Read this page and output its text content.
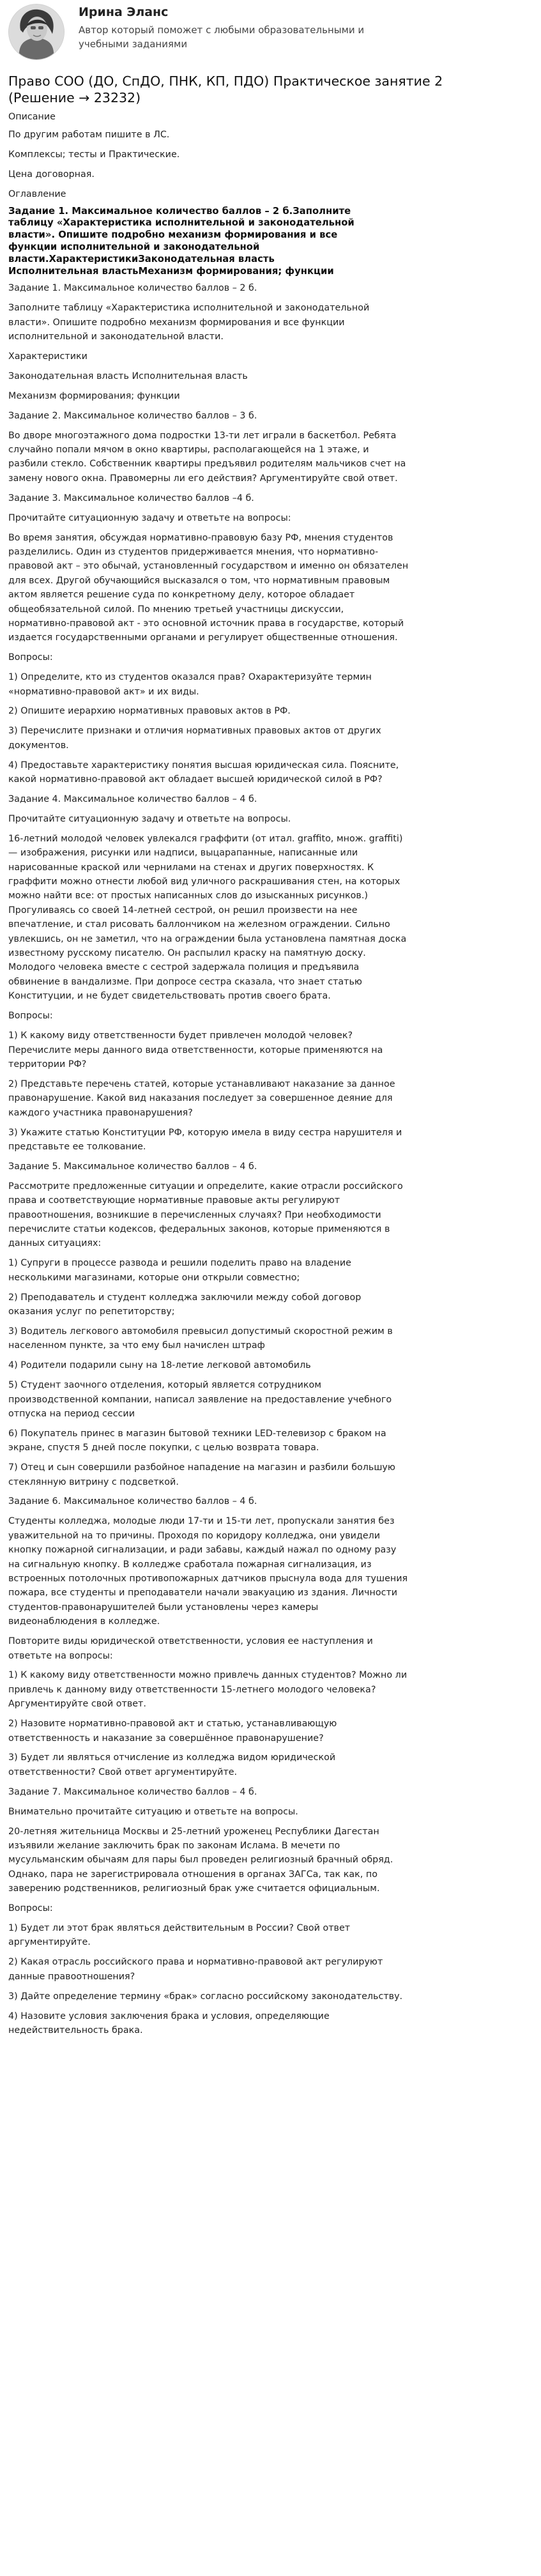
Ирина Эланс
Автор который поможет с любыми образовательными и
учебными заданиями
Право СОО (ДО, СпДО, ПНК, КП, ПДО) Практическое занятие 2
(Решение → 23232)

Описание

По другим работам пишите в ЛС.

Комплексы; тесты и Практические.

Цена договорная.

Оглавление

Задание 1. Максимальное количество баллов – 2 б.Заполните
таблицу «Характеристика исполнительной и законодательной
власти». Опишите подробно механизм формирования и все
функции исполнительной и законодательной
власти.ХарактеристикиЗаконодательная власть
Исполнительная властьМеханизм формирования; функции

Задание 1. Максимальное количество баллов – 2 б.

Заполните таблицу «Характеристика исполнительной и законодательной
власти». Опишите подробно механизм формирования и все функции
исполнительной и законодательной власти.

Характеристики

Законодательная власть Исполнительная власть

Механизм формирования; функции

Задание 2. Максимальное количество баллов – 3 б.

Во дворе многоэтажного дома подростки 13-ти лет играли в баскетбол. Ребята
случайно попали мячом в окно квартиры, располагающейся на 1 этаже, и
разбили стекло. Собственник квартиры предъявил родителям мальчиков счет на
замену нового окна. Правомерны ли его действия? Аргументируйте свой ответ.

Задание 3. Максимальное количество баллов –4 б.

Прочитайте ситуационную задачу и ответьте на вопросы:

Во время занятия, обсуждая нормативно-правовую базу РФ, мнения студентов
разделились. Один из студентов придерживается мнения, что нормативно-
правовой акт – это обычай, установленный государством и именно он обязателен
для всех. Другой обучающийся высказался о том, что нормативным правовым
актом является решение суда по конкретному делу, которое обладает
общеобязательной силой. По мнению третьей участницы дискуссии,
нормативно-правовой акт - это основной источник права в государстве, который
издается государственными органами и регулирует общественные отношения.

Вопросы:

1) Определите, кто из студентов оказался прав? Охарактеризуйте термин
«нормативно-правовой акт» и их виды.

2) Опишите иерархию нормативных правовых актов в РФ.

3) Перечислите признаки и отличия нормативных правовых актов от других
документов.

4) Предоставьте характеристику понятия высшая юридическая сила. Поясните,
какой нормативно-правовой акт обладает высшей юридической силой в РФ?

Задание 4. Максимальное количество баллов – 4 б.

Прочитайте ситуационную задачу и ответьте на вопросы.

16-летний молодой человек увлекался граффити (от итал. graffito, множ. graffiti)
— изображения, рисунки или надписи, выцарапанные, написанные или
нарисованные краской или чернилами на стенах и других поверхностях. К
граффити можно отнести любой вид уличного раскрашивания стен, на которых
можно найти все: от простых написанных слов до изысканных рисунков.)
Прогуливаясь со своей 14-летней сестрой, он решил произвести на нее
впечатление, и стал рисовать баллончиком на железном ограждении. Сильно
увлекшись, он не заметил, что на ограждении была установлена памятная доска
известному русскому писателю. Он распылил краску на памятную доску.
Молодого человека вместе с сестрой задержала полиция и предъявила
обвинение в вандализме. При допросе сестра сказала, что знает статью
Конституции, и не будет свидетельствовать против своего брата.

Вопросы:

1) К какому виду ответственности будет привлечен молодой человек?
Перечислите меры данного вида ответственности, которые применяются на
территории РФ?

2) Представьте перечень статей, которые устанавливают наказание за данное
правонарушение. Какой вид наказания последует за совершенное деяние для
каждого участника правонарушения?

3) Укажите статью Конституции РФ, которую имела в виду сестра нарушителя и
представьте ее толкование.

Задание 5. Максимальное количество баллов – 4 б.

Рассмотрите предложенные ситуации и определите, какие отрасли российского
права и соответствующие нормативные правовые акты регулируют
правоотношения, возникшие в перечисленных случаях? При необходимости
перечислите статьи кодексов, федеральных законов, которые применяются в
данных ситуациях:

1) Супруги в процессе развода и решили поделить право на владение
несколькими магазинами, которые они открыли совместно;

2) Преподаватель и студент колледжа заключили между собой договор
оказания услуг по репетиторству;

3) Водитель легкового автомобиля превысил допустимый скоростной режим в
населенном пункте, за что ему был начислен штраф

4) Родители подарили сыну на 18-летие легковой автомобиль

5) Студент заочного отделения, который является сотрудником
производственной компании, написал заявление на предоставление учебного
отпуска на период сессии

6) Покупатель принес в магазин бытовой техники LED-телевизор с браком на
экране, спустя 5 дней после покупки, с целью возврата товара.

7) Отец и сын совершили разбойное нападение на магазин и разбили большую
стеклянную витрину с подсветкой.

Задание 6. Максимальное количество баллов – 4 б.

Студенты колледжа, молодые люди 17-ти и 15-ти лет, пропускали занятия без
уважительной на то причины. Проходя по коридору колледжа, они увидели
кнопку пожарной сигнализации, и ради забавы, каждый нажал по одному разу
на сигнальную кнопку. В колледже сработала пожарная сигнализация, из
встроенных потолочных противопожарных датчиков прыснула вода для тушения
пожара, все студенты и преподаватели начали эвакуацию из здания. Личности
студентов-правонарушителей были установлены через камеры
видеонаблюдения в колледже.

Повторите виды юридической ответственности, условия ее наступления и
ответьте на вопросы:

1) К какому виду ответственности можно привлечь данных студентов? Можно ли
привлечь к данному виду ответственности 15-летнего молодого человека?
Аргументируйте свой ответ.

2) Назовите нормативно-правовой акт и статью, устанавливающую
ответственность и наказание за совершённое правонарушение?

3) Будет ли являться отчисление из колледжа видом юридической
ответственности? Свой ответ аргументируйте.

Задание 7. Максимальное количество баллов – 4 б.

Внимательно прочитайте ситуацию и ответьте на вопросы.

20-летняя жительница Москвы и 25-летний уроженец Республики Дагестан
изъявили желание заключить брак по законам Ислама. В мечети по
мусульманским обычаям для пары был проведен религиозный брачный обряд.
Однако, пара не зарегистрировала отношения в органах ЗАГСа, так как, по
заверению родственников, религиозный брак уже считается официальным.

Вопросы:

1) Будет ли этот брак являться действительным в России? Свой ответ
аргументируйте.

2) Какая отрасль российского права и нормативно-правовой акт регулируют
данные правоотношения?

3) Дайте определение термину «брак» согласно российскому законодательству.

4) Назовите условия заключения брака и условия, определяющие
недействительность брака.
